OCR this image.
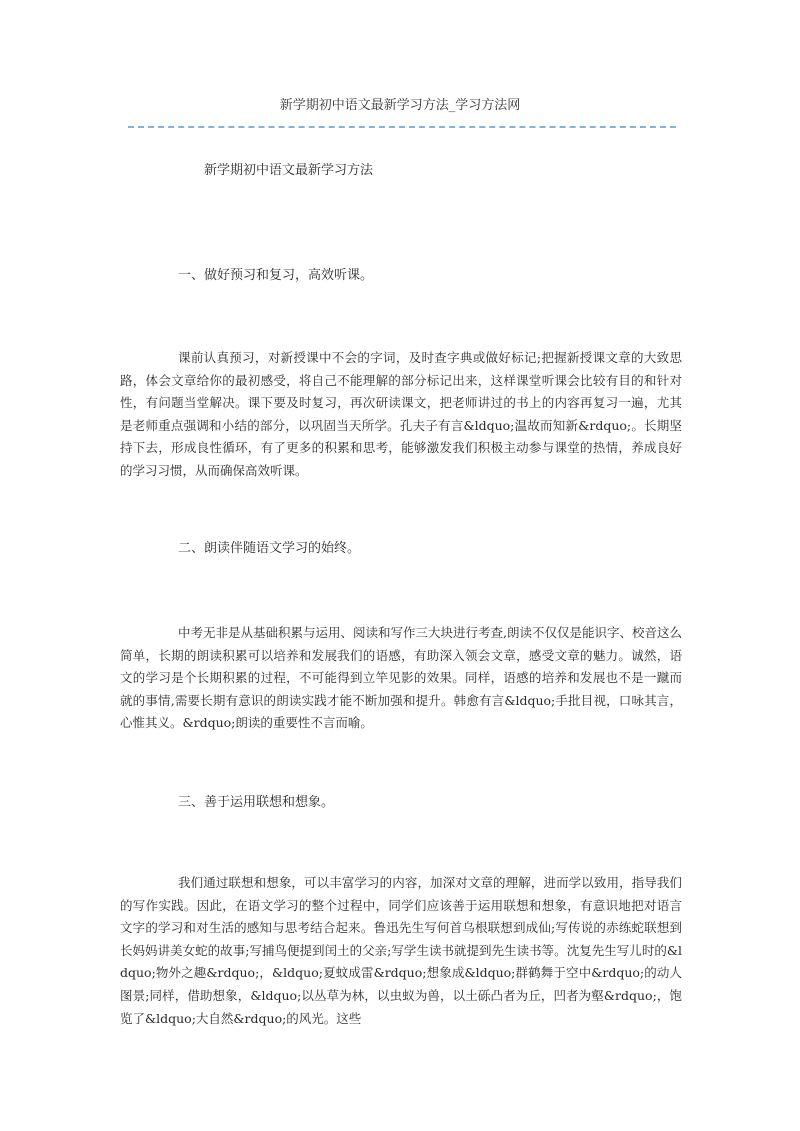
新学期初中语文最新学习方法_学习方法网
新学期初中语文最新学习方法
一、做好预习和复习，高效听课。
课前认真预习，对新授课中不会的字词，及时查字典或做好标记;把握新授课文章的大致思路，体会文章给你的最初感受，将自己不能理解的部分标记出来，这样课堂听课会比较有目的和针对性，有问题当堂解决。课下要及时复习，再次研读课文，把老师讲过的书上的内容再复习一遍，尤其是老师重点强调和小结的部分，以巩固当天所学。孔夫子有言&ldquo;温故而知新&rdquo;。长期坚持下去，形成良性循环，有了更多的积累和思考，能够激发我们积极主动参与课堂的热情，养成良好的学习习惯，从而确保高效听课。
二、朗读伴随语文学习的始终。
中考无非是从基础积累与运用、阅读和写作三大块进行考查,朗读不仅仅是能识字、校音这么简单，长期的朗读积累可以培养和发展我们的语感，有助深入领会文章，感受文章的魅力。诚然，语文的学习是个长期积累的过程，不可能得到立竿见影的效果。同样，语感的培养和发展也不是一蹴而就的事情,需要长期有意识的朗读实践才能不断加强和提升。韩愈有言&ldquo;手批目视，口咏其言，心惟其义。&rdquo;朗读的重要性不言而喻。
三、善于运用联想和想象。
我们通过联想和想象，可以丰富学习的内容，加深对文章的理解，进而学以致用，指导我们的写作实践。因此，在语文学习的整个过程中，同学们应该善于运用联想和想象，有意识地把对语言文字的学习和对生活的感知与思考结合起来。鲁迅先生写何首乌根联想到成仙;写传说的赤练蛇联想到长妈妈讲美女蛇的故事;写捕鸟便提到闰土的父亲;写学生读书就提到先生读书等。沈复先生写儿时的&ldquo;物外之趣&rdquo;，&ldquo;夏蚊成雷&rdquo;想象成&ldquo;群鹤舞于空中&rdquo;的动人图景;同样，借助想象，&ldquo;以丛草为林，以虫蚁为兽，以土砾凸者为丘，凹者为壑&rdquo;，饱览了&ldquo;大自然&rdquo;的风光。这些
